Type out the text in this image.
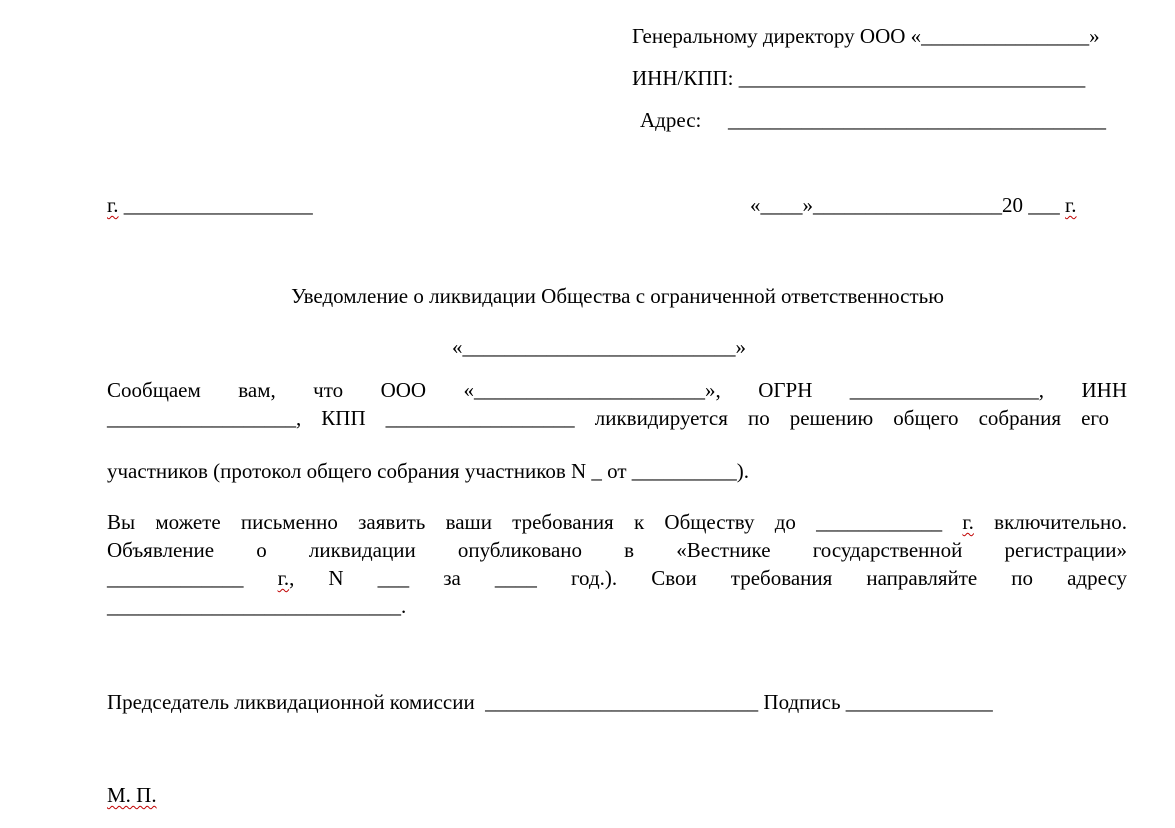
Генеральному директору ООО «________________»
ИНН/КПП: _________________________________
Адрес: ____________________________________
г. __________________	«____»__________________20 ___ г.
Уведомление о ликвидации Общества с ограниченной ответственностью
«__________________________»
Сообщаем вам, что ООО «______________________», ОГРН __________________, ИНН
__________________, КПП __________________ ликвидируется по решению общего собрания его
участников (протокол общего собрания участников N _ от __________).
Вы можете письменно заявить ваши требования к Обществу до ____________ г. включительно.
Объявление о ликвидации опубликовано в «Вестнике государственной регистрации»
_____________ г., N ___ за ____ год.). Свои требования направляйте по адресу
____________________________.
Председатель ликвидационной комиссии  __________________________ Подпись ______________
М. П.
